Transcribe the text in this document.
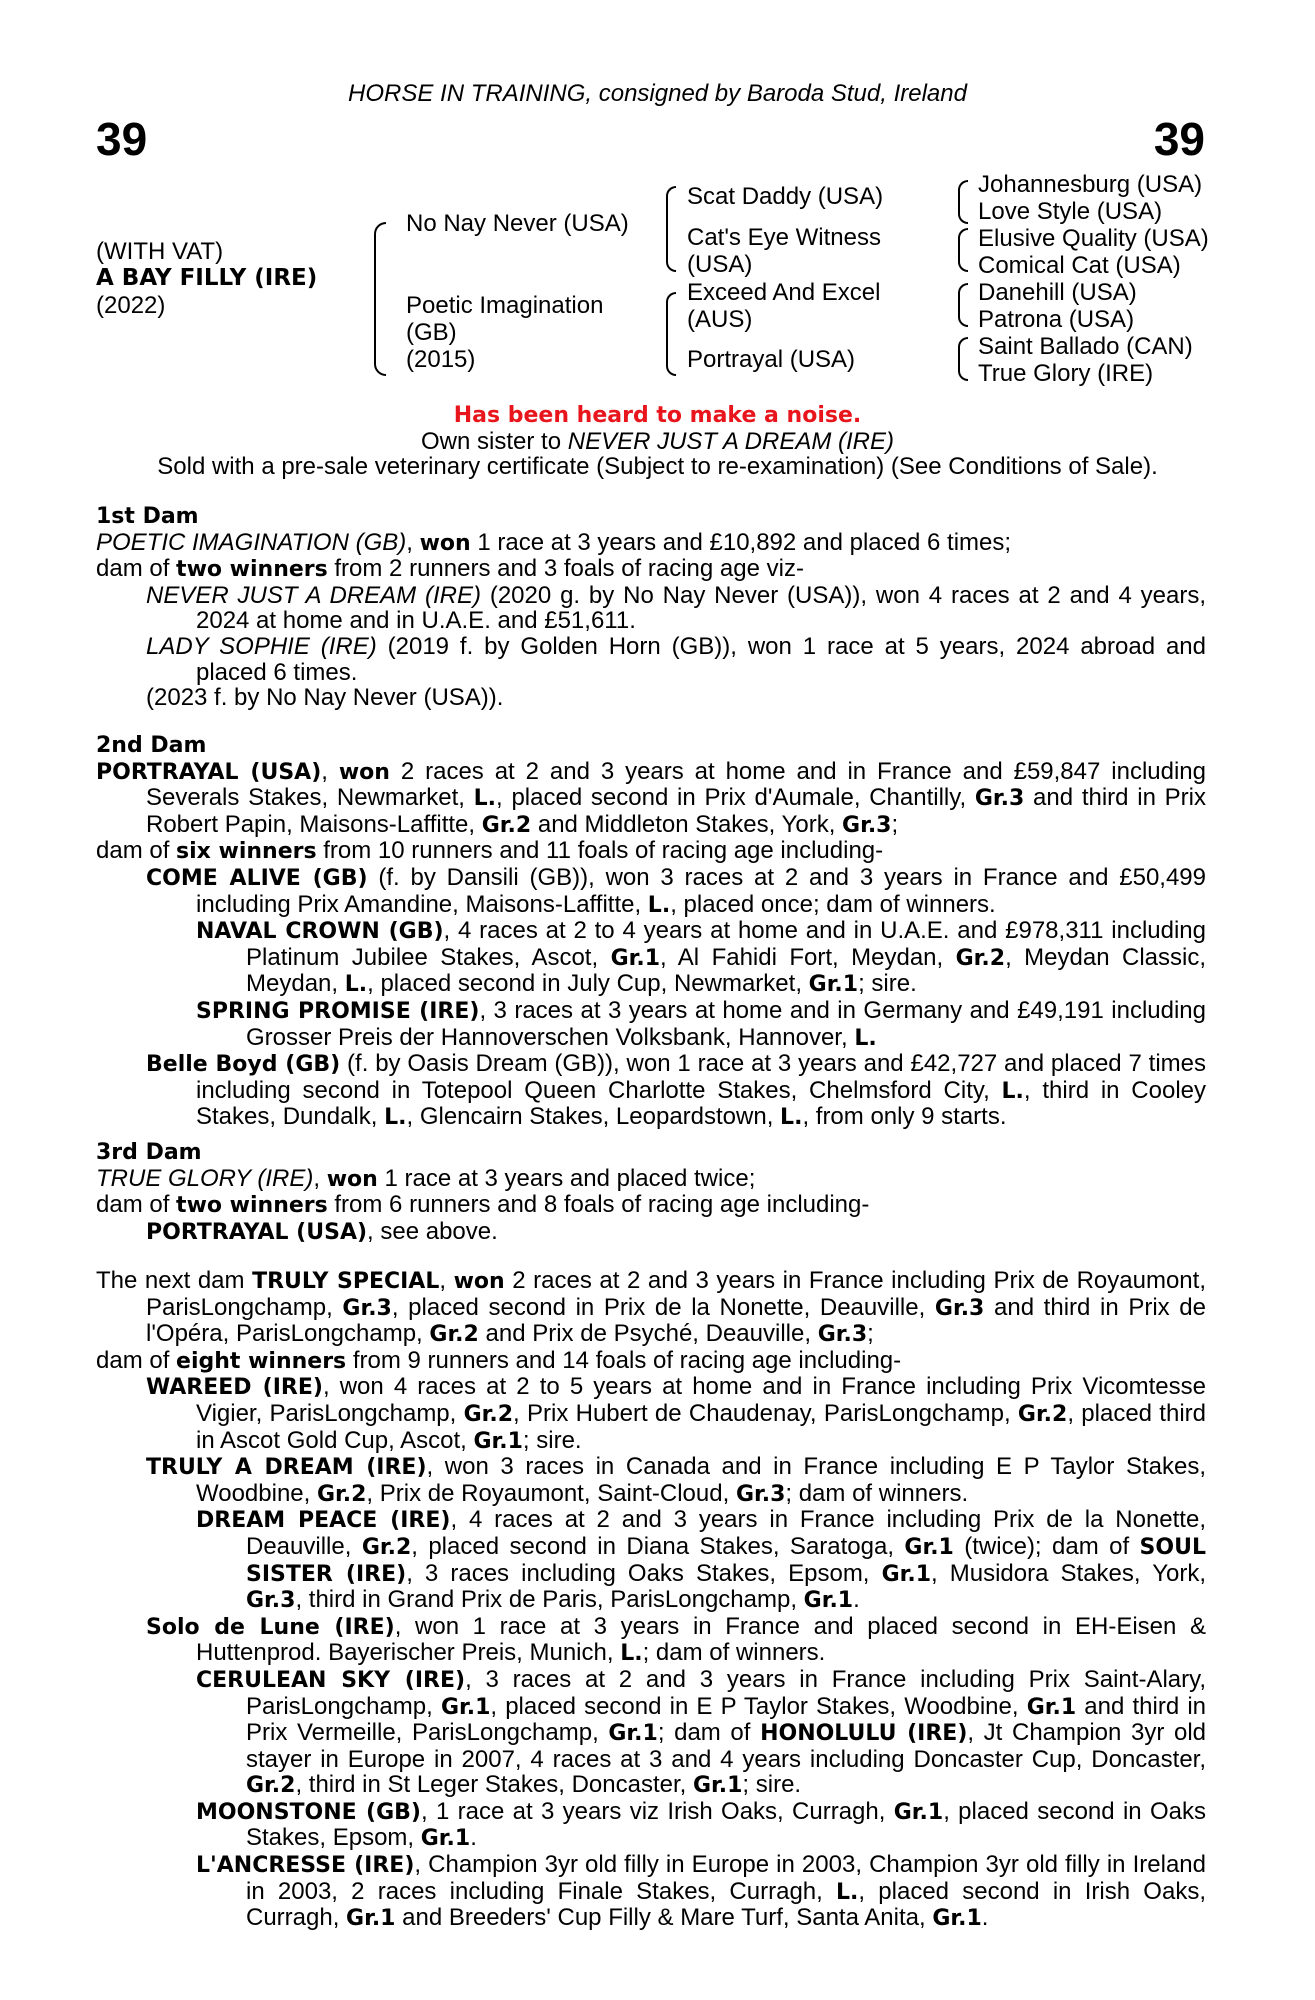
HORSE IN TRAINING, consigned by Baroda Stud, Ireland
39	39
(WITH VAT)
A BAY FILLY (IRE)
(2022)
No Nay Never (USA)
Poetic Imagination
(GB)
(2015)
Scat Daddy (USA)
Cat's Eye Witness
(USA)
Exceed And Excel
(AUS)
Portrayal (USA)
Johannesburg (USA)
Love Style (USA)
Elusive Quality (USA)
Comical Cat (USA)
Danehill (USA)
Patrona (USA)
Saint Ballado (CAN)
True Glory (IRE)
Has been heard to make a noise.
Own sister to NEVER JUST A DREAM (IRE)
Sold with a pre-sale veterinary certificate (Subject to re-examination) (See Conditions of Sale).

1st Dam

POETIC IMAGINATION (GB), won 1 race at 3 years and £10,892 and placed 6 times;

dam of two winners from 2 runners and 3 foals of racing age viz-

NEVER JUST A DREAM (IRE) (2020 g. by No Nay Never (USA)), won 4 races at 2 and 4 years, 2024 at home and in U.A.E. and £51,611.

LADY SOPHIE (IRE) (2019 f. by Golden Horn (GB)), won 1 race at 5 years, 2024 abroad and placed 6 times.

(2023 f. by No Nay Never (USA)).

2nd Dam

PORTRAYAL (USA), won 2 races at 2 and 3 years at home and in France and £59,847 including Severals Stakes, Newmarket, L., placed second in Prix d'Aumale, Chantilly, Gr.3 and third in Prix Robert Papin, Maisons-Laffitte, Gr.2 and Middleton Stakes, York, Gr.3;

dam of six winners from 10 runners and 11 foals of racing age including-

COME ALIVE (GB) (f. by Dansili (GB)), won 3 races at 2 and 3 years in France and £50,499 including Prix Amandine, Maisons-Laffitte, L., placed once; dam of winners.

NAVAL CROWN (GB), 4 races at 2 to 4 years at home and in U.A.E. and £978,311 including Platinum Jubilee Stakes, Ascot, Gr.1, Al Fahidi Fort, Meydan, Gr.2, Meydan Classic, Meydan, L., placed second in July Cup, Newmarket, Gr.1; sire.

SPRING PROMISE (IRE), 3 races at 3 years at home and in Germany and £49,191 including Grosser Preis der Hannoverschen Volksbank, Hannover, L.

Belle Boyd (GB) (f. by Oasis Dream (GB)), won 1 race at 3 years and £42,727 and placed 7 times including second in Totepool Queen Charlotte Stakes, Chelmsford City, L., third in Cooley Stakes, Dundalk, L., Glencairn Stakes, Leopardstown, L., from only 9 starts.

3rd Dam

TRUE GLORY (IRE), won 1 race at 3 years and placed twice;

dam of two winners from 6 runners and 8 foals of racing age including-

PORTRAYAL (USA), see above.

The next dam TRULY SPECIAL, won 2 races at 2 and 3 years in France including Prix de Royaumont, ParisLongchamp, Gr.3, placed second in Prix de la Nonette, Deauville, Gr.3 and third in Prix de l'Opéra, ParisLongchamp, Gr.2 and Prix de Psyché, Deauville, Gr.3;

dam of eight winners from 9 runners and 14 foals of racing age including-

WAREED (IRE), won 4 races at 2 to 5 years at home and in France including Prix Vicomtesse Vigier, ParisLongchamp, Gr.2, Prix Hubert de Chaudenay, ParisLongchamp, Gr.2, placed third in Ascot Gold Cup, Ascot, Gr.1; sire.

TRULY A DREAM (IRE), won 3 races in Canada and in France including E P Taylor Stakes, Woodbine, Gr.2, Prix de Royaumont, Saint-Cloud, Gr.3; dam of winners.

DREAM PEACE (IRE), 4 races at 2 and 3 years in France including Prix de la Nonette, Deauville, Gr.2, placed second in Diana Stakes, Saratoga, Gr.1 (twice); dam of SOUL SISTER (IRE), 3 races including Oaks Stakes, Epsom, Gr.1, Musidora Stakes, York, Gr.3, third in Grand Prix de Paris, ParisLongchamp, Gr.1.

Solo de Lune (IRE), won 1 race at 3 years in France and placed second in EH-Eisen & Huttenprod. Bayerischer Preis, Munich, L.; dam of winners.

CERULEAN SKY (IRE), 3 races at 2 and 3 years in France including Prix Saint-Alary, ParisLongchamp, Gr.1, placed second in E P Taylor Stakes, Woodbine, Gr.1 and third in Prix Vermeille, ParisLongchamp, Gr.1; dam of HONOLULU (IRE), Jt Champion 3yr old stayer in Europe in 2007, 4 races at 3 and 4 years including Doncaster Cup, Doncaster, Gr.2, third in St Leger Stakes, Doncaster, Gr.1; sire.

MOONSTONE (GB), 1 race at 3 years viz Irish Oaks, Curragh, Gr.1, placed second in Oaks Stakes, Epsom, Gr.1.

L'ANCRESSE (IRE), Champion 3yr old filly in Europe in 2003, Champion 3yr old filly in Ireland in 2003, 2 races including Finale Stakes, Curragh, L., placed second in Irish Oaks, Curragh, Gr.1 and Breeders' Cup Filly & Mare Turf, Santa Anita, Gr.1.
